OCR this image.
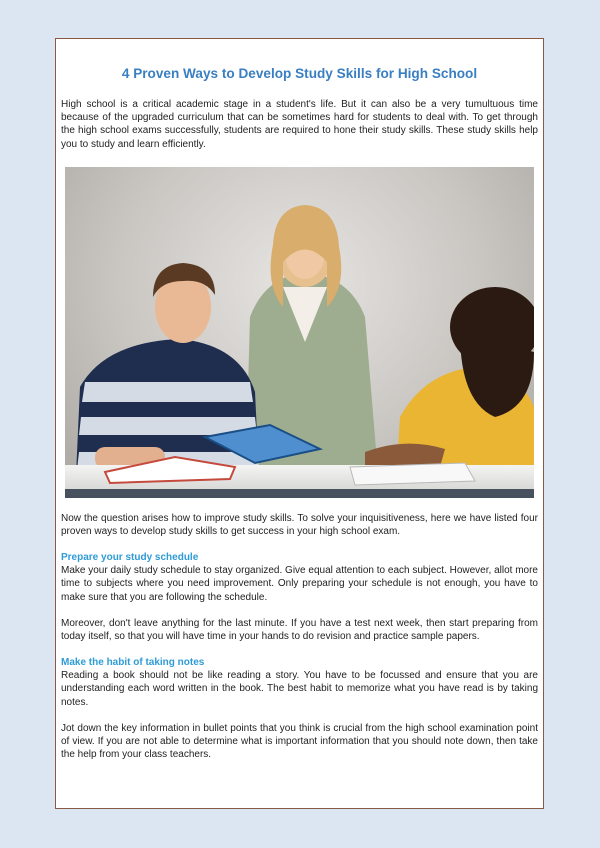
4 Proven Ways to Develop Study Skills for High School

High school is a critical academic stage in a student's life. But it can also be a very tumultuous time because of the upgraded curriculum that can be sometimes hard for students to deal with. To get through the high school exams successfully, students are required to hone their study skills. These study skills help you to study and learn efficiently.

Now the question arises how to improve study skills. To solve your inquisitiveness, here we have listed four proven ways to develop study skills to get success in your high school exam.

Prepare your study schedule

Make your daily study schedule to stay organized. Give equal attention to each subject. However, allot more time to subjects where you need improvement. Only preparing your schedule is not enough, you have to make sure that you are following the schedule.

Moreover, don't leave anything for the last minute. If you have a test next week, then start preparing from today itself, so that you will have time in your hands to do revision and practice sample papers.

Make the habit of taking notes

Reading a book should not be like reading a story. You have to be focussed and ensure that you are understanding each word written in the book. The best habit to memorize what you have read is by taking notes.

Jot down the key information in bullet points that you think is crucial from the high school examination point of view. If you are not able to determine what is important information that you should note down, then take the help from your class teachers.
